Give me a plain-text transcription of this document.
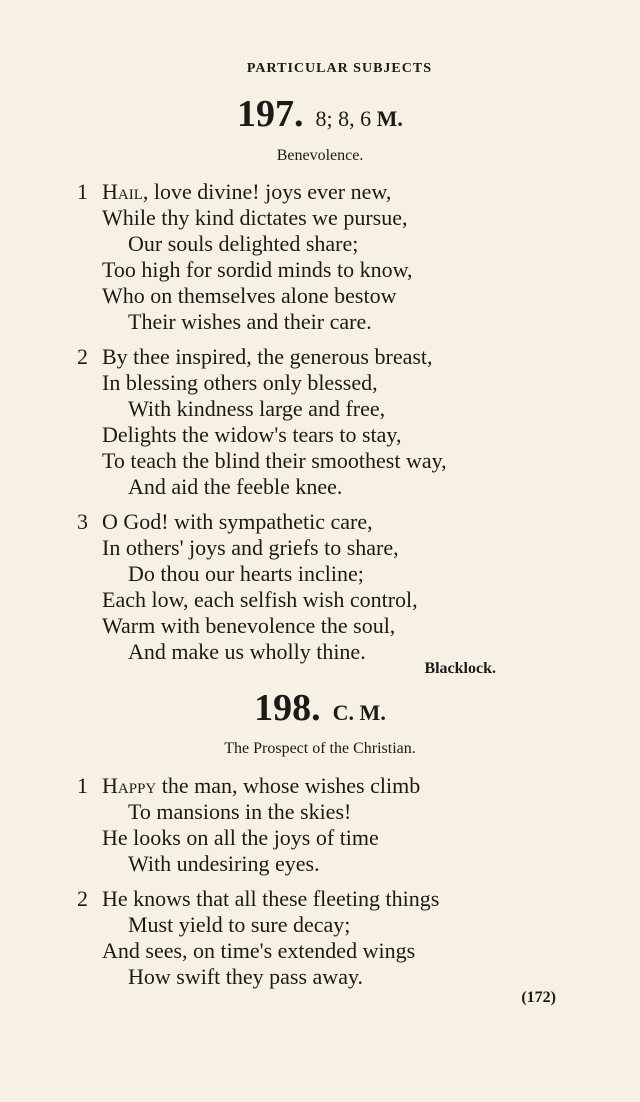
PARTICULAR SUBJECTS
197. 8; 8, 6 M.
Benevolence.
1 Hail, love divine! joys ever new,
While thy kind dictates we pursue,
Our souls delighted share;
Too high for sordid minds to know,
Who on themselves alone bestow
Their wishes and their care.
2 By thee inspired, the generous breast,
In blessing others only blessed,
With kindness large and free,
Delights the widow's tears to stay,
To teach the blind their smoothest way,
And aid the feeble knee.
3 O God! with sympathetic care,
In others' joys and griefs to share,
Do thou our hearts incline;
Each low, each selfish wish control,
Warm with benevolence the soul,
And make us wholly thine.
Blacklock.
198. C. M.
The Prospect of the Christian.
1 Happy the man, whose wishes climb
To mansions in the skies!
He looks on all the joys of time
With undesiring eyes.
2 He knows that all these fleeting things
Must yield to sure decay;
And sees, on time's extended wings
How swift they pass away.
(172)
